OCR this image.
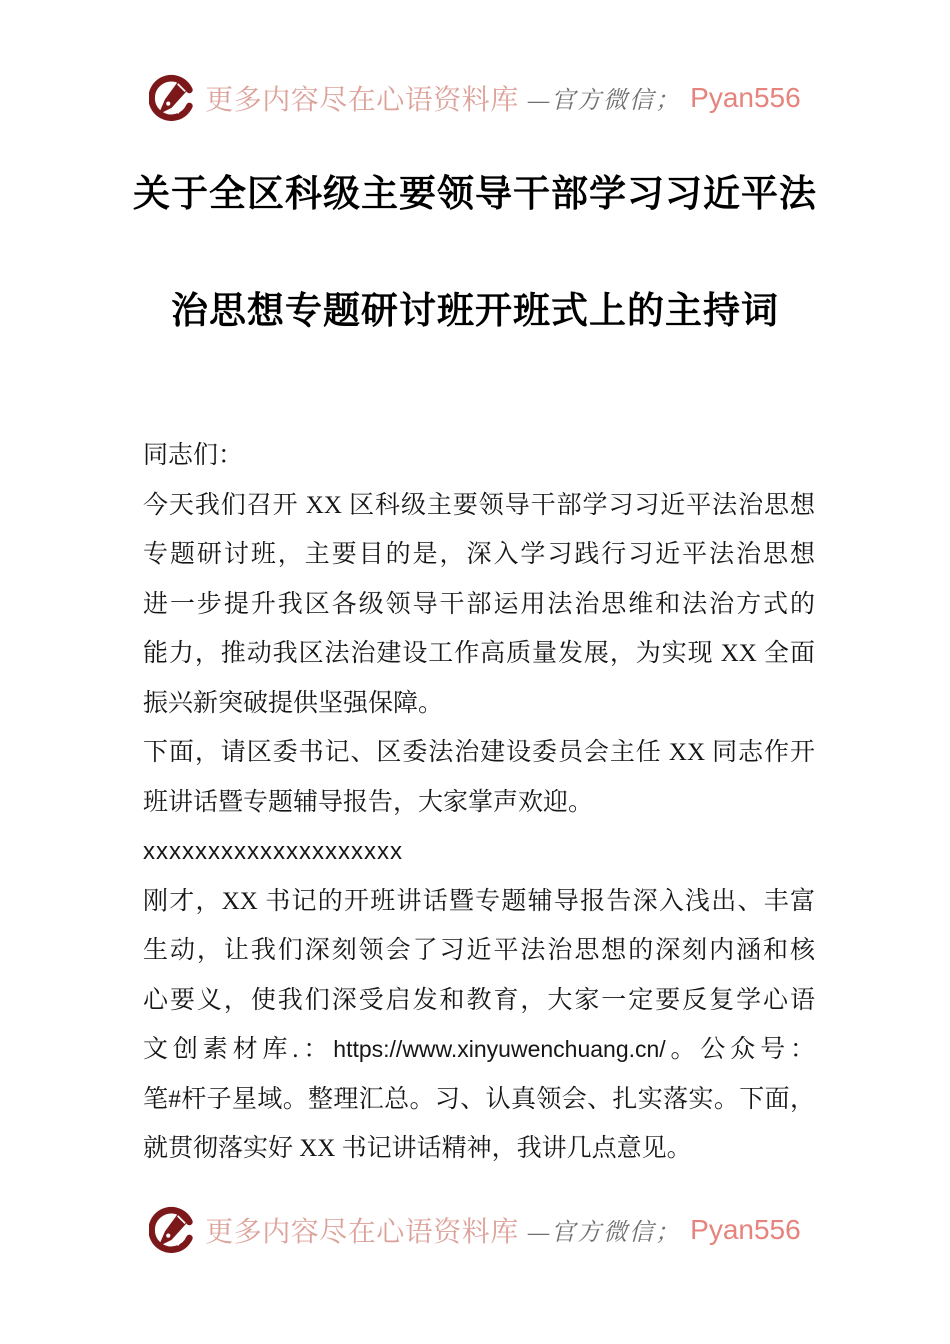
更多内容尽在心语资料库 —官方微信； Pyan556
关于全区科级主要领导干部学习习近平法
治思想专题研讨班开班式上的主持词
同志们：
今天我们召开 XX 区科级主要领导干部学习习近平法治思想
专题研讨班，主要目的是，深入学习践行习近平法治思想
进一步提升我区各级领导干部运用法治思维和法治方式的
能力，推动我区法治建设工作高质量发展，为实现 XX 全面
振兴新突破提供坚强保障。
下面，请区委书记、区委法治建设委员会主任 XX 同志作开
班讲话暨专题辅导报告，大家掌声欢迎。
xxxxxxxxxxxxxxxxxxxx
刚才，XX 书记的开班讲话暨专题辅导报告深入浅出、丰富
生动，让我们深刻领会了习近平法治思想的深刻内涵和核
心要义，使我们深受启发和教育，大家一定要反复学心语
文创素材库.：https://www.xinyuwenchuang.cn/。公众号：
笔#杆子星域。整理汇总。习、认真领会、扎实落实。下面，
就贯彻落实好 XX 书记讲话精神，我讲几点意见。
更多内容尽在心语资料库 —官方微信； Pyan556
